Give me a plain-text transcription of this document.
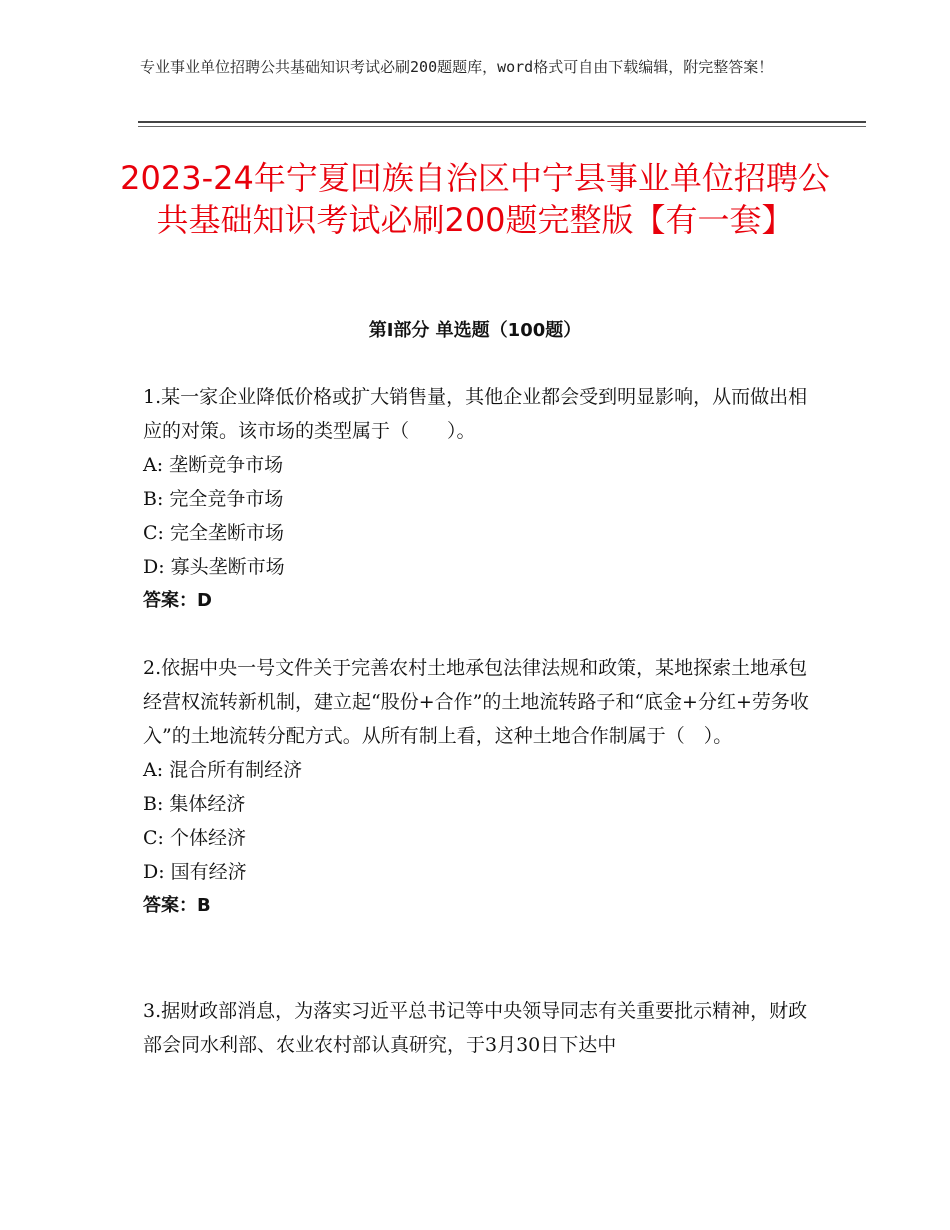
专业事业单位招聘公共基础知识考试必刷200题题库，word格式可自由下载编辑，附完整答案！
2023-24年宁夏回族自治区中宁县事业单位招聘公共基础知识考试必刷200题完整版【有一套】
第Ⅰ部分 单选题（100题）
1.某一家企业降低价格或扩大销售量，其他企业都会受到明显影响，从而做出相应的对策。该市场的类型属于（　　）。
A: 垄断竞争市场
B: 完全竞争市场
C: 完全垄断市场
D: 寡头垄断市场
答案：D
2.依据中央一号文件关于完善农村土地承包法律法规和政策，某地探索土地承包经营权流转新机制，建立起“股份+合作”的土地流转路子和“底金+分红+劳务收入”的土地流转分配方式。从所有制上看，这种土地合作制属于（　）。
A: 混合所有制经济
B: 集体经济
C: 个体经济
D: 国有经济
答案：B
3.据财政部消息，为落实习近平总书记等中央领导同志有关重要批示精神，财政部会同水利部、农业农村部认真研究，于3月30日下达中
